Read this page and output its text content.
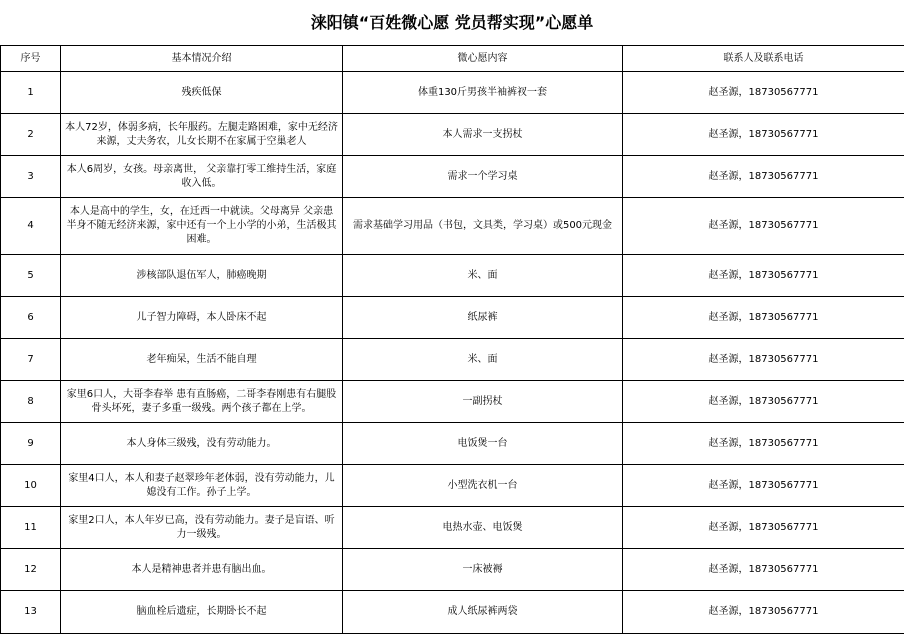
涞阳镇“百姓微心愿 党员帮实现”心愿单
序号	基本情况介绍	微心愿内容	联系人及联系电话
1	残疾低保	体重130斤男孩半袖裤衩一套	赵圣源，18730567771
2	本人72岁，体弱多病，长年服药。左腿走路困难，家中无经济来源，丈夫务农，儿女长期不在家属于空巢老人	本人需求一支拐杖	赵圣源，18730567771
3	本人6周岁，女孩。母亲离世， 父亲靠打零工维持生活，家庭收入低。	需求一个学习桌	赵圣源，18730567771
4	本人是高中的学生，女，在迁西一中就读。父母离异 父亲患半身不随无经济来源，家中还有一个上小学的小弟，生活极其困难。	需求基础学习用品（书包，文具类，学习桌）或500元现金	赵圣源，18730567771
5	涉核部队退伍军人，肺癌晚期	米、面	赵圣源，18730567771
6	儿子智力障碍，本人卧床不起	纸尿裤	赵圣源，18730567771
7	老年痴呆，生活不能自理	米、面	赵圣源，18730567771
8	家里6口人，大哥李春举 患有直肠癌，二哥李春刚患有右腿股骨头坏死，妻子多重一级残。两个孩子都在上学。	一副拐杖	赵圣源，18730567771
9	本人身体三级残，没有劳动能力。	电饭煲一台	赵圣源，18730567771
10	家里4口人，本人和妻子赵翠珍年老体弱，没有劳动能力，儿媳没有工作。孙子上学。	小型洗衣机一台	赵圣源，18730567771
11	家里2口人，本人年岁已高，没有劳动能力。妻子是盲语、听力一级残。	电热水壶、电饭煲	赵圣源，18730567771
12	本人是精神患者并患有脑出血。	一床被褥	赵圣源，18730567771
13	脑血栓后遗症，长期卧长不起	成人纸尿裤两袋	赵圣源，18730567771
